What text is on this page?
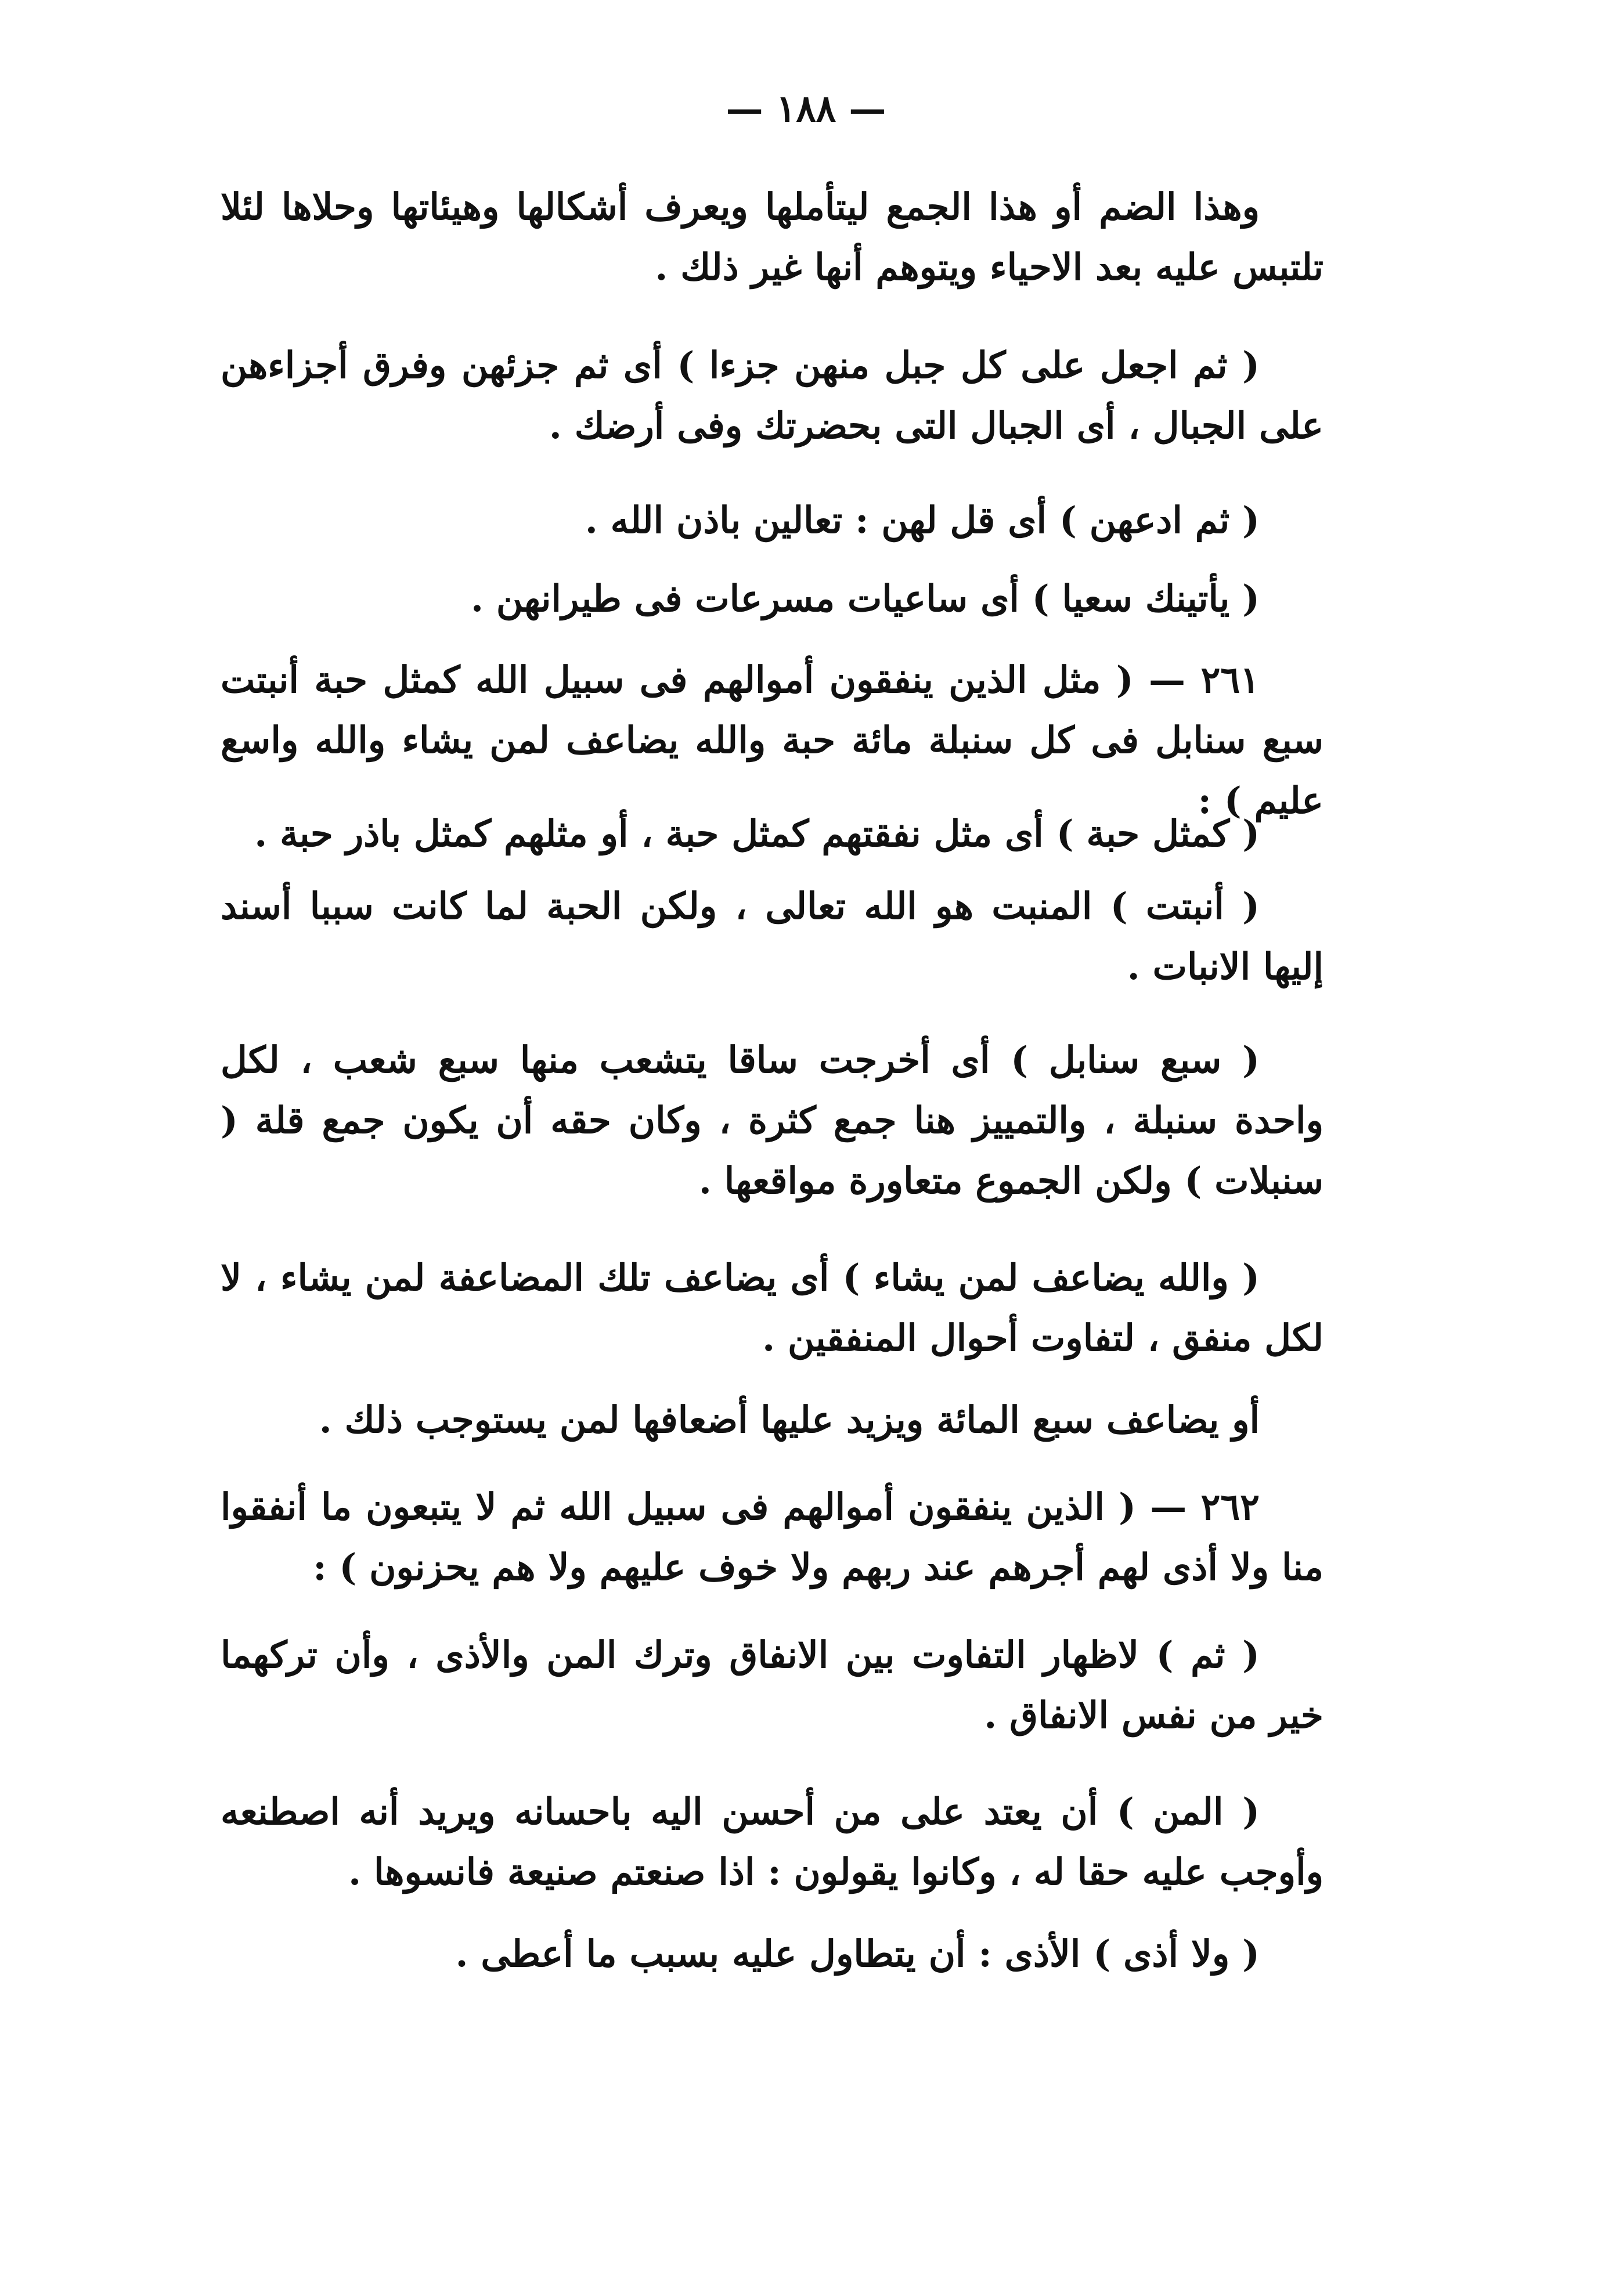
— ١٨٨ —

وهذا الضم أو هذا الجمع ليتأملها ويعرف أشكالها وهيئاتها وحلاها لئلا تلتبس عليه بعد الاحياء ويتوهم أنها غير ذلك .

( ثم اجعل على كل جبل منهن جزءا ) أى ثم جزئهن وفرق أجزاءهن على الجبال ، أى الجبال التى بحضرتك وفى أرضك .

( ثم ادعهن ) أى قل لهن : تعالين باذن الله .

( يأتينك سعيا ) أى ساعيات مسرعات فى طيرانهن .

٢٦١ — ( مثل الذين ينفقون أموالهم فى سبيل الله كمثل حبة أنبتت سبع سنابل فى كل سنبلة مائة حبة والله يضاعف لمن يشاء والله واسع عليم ) :

( كمثل حبة ) أى مثل نفقتهم كمثل حبة ، أو مثلهم كمثل باذر حبة .

( أنبتت ) المنبت هو الله تعالى ، ولكن الحبة لما كانت سببا أسند إليها الانبات .

( سبع سنابل ) أى أخرجت ساقا يتشعب منها سبع شعب ، لكل واحدة سنبلة ، والتمييز هنا جمع كثرة ، وكان حقه أن يكون جمع قلة ( سنبلات ) ولكن الجموع متعاورة مواقعها .

( والله يضاعف لمن يشاء ) أى يضاعف تلك المضاعفة لمن يشاء ، لا لكل منفق ، لتفاوت أحوال المنفقين .

أو يضاعف سبع المائة ويزيد عليها أضعافها لمن يستوجب ذلك .

٢٦٢ — ( الذين ينفقون أموالهم فى سبيل الله ثم لا يتبعون ما أنفقوا منا ولا أذى لهم أجرهم عند ربهم ولا خوف عليهم ولا هم يحزنون ) :

( ثم ) لاظهار التفاوت بين الانفاق وترك المن والأذى ، وأن تركهما خير من نفس الانفاق .

( المن ) أن يعتد على من أحسن اليه باحسانه ويريد أنه اصطنعه وأوجب عليه حقا له ، وكانوا يقولون : اذا صنعتم صنيعة فانسوها .

( ولا أذى ) الأذى : أن يتطاول عليه بسبب ما أعطى .
